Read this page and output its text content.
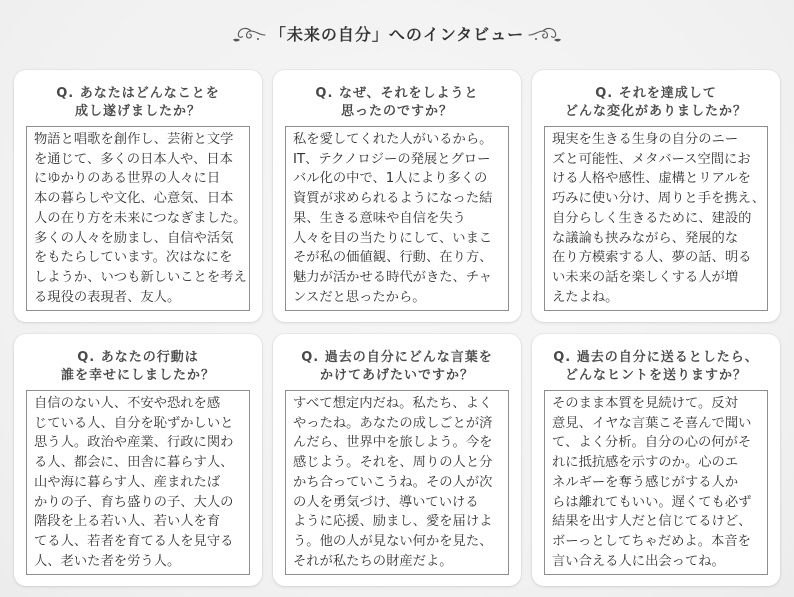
「未来の自分」へのインタビュー
Q. あなたはどんなことを
成し遂げましたか？
物語と唱歌を創作し、芸術と文学
を通じて、多くの日本人や、日本
にゆかりのある世界の人々に日
本の暮らしや文化、心意気、日本
人の在り方を未来につなぎました。
多くの人々を励まし、自信や活気
をもたらしています。次はなにを
しようか、いつも新しいことを考え
る現役の表現者、友人。
Q. なぜ、それをしようと
思ったのですか？
私を愛してくれた人がいるから。
IT、テクノロジーの発展とグロー
バル化の中で、1人により多くの
資質が求められるようになった結
果、生きる意味や自信を失う
人々を目の当たりにして、いまこ
そが私の価値観、行動、在り方、
魅力が活かせる時代がきた、チャ
ンスだと思ったから。
Q. それを達成して
どんな変化がありましたか？
現実を生きる生身の自分のニー
ズと可能性、メタバース空間にお
ける人格や感性、虚構とリアルを
巧みに使い分け、周りと手を携え、
自分らしく生きるために、建設的
な議論も挟みながら、発展的な
在り方模索する人、夢の話、明る
い未来の話を楽しくする人が増
えたよね。
Q. あなたの行動は
誰を幸せにしましたか？
自信のない人、不安や恐れを感
じている人、自分を恥ずかしいと
思う人。政治や産業、行政に関わ
る人、都会に、田舎に暮らす人、
山や海に暮らす人、産まれたば
かりの子、育ち盛りの子、大人の
階段を上る若い人、若い人を育
てる人、若者を育てる人を見守る
人、老いた者を労う人。
Q. 過去の自分にどんな言葉を
かけてあげたいですか？
すべて想定内だね。私たち、よく
やったね。あなたの成しごとが済
んだら、世界中を旅しよう。今を
感じよう。それを、周りの人と分
かち合っていこうね。その人が次
の人を勇気づけ、導いていける
ように応援、励まし、愛を届けよ
う。他の人が見ない何かを見た、
それが私たちの財産だよ。
Q. 過去の自分に送るとしたら、
どんなヒントを送りますか？
そのまま本質を見続けて。反対
意見、イヤな言葉こそ喜んで聞い
て、よく分析。自分の心の何がそ
れに抵抗感を示すのか。心のエ
ネルギーを奪う感じがする人か
らは離れてもいい。遅くても必ず
結果を出す人だと信じてるけど、
ボーっとしてちゃだめよ。本音を
言い合える人に出会ってね。
